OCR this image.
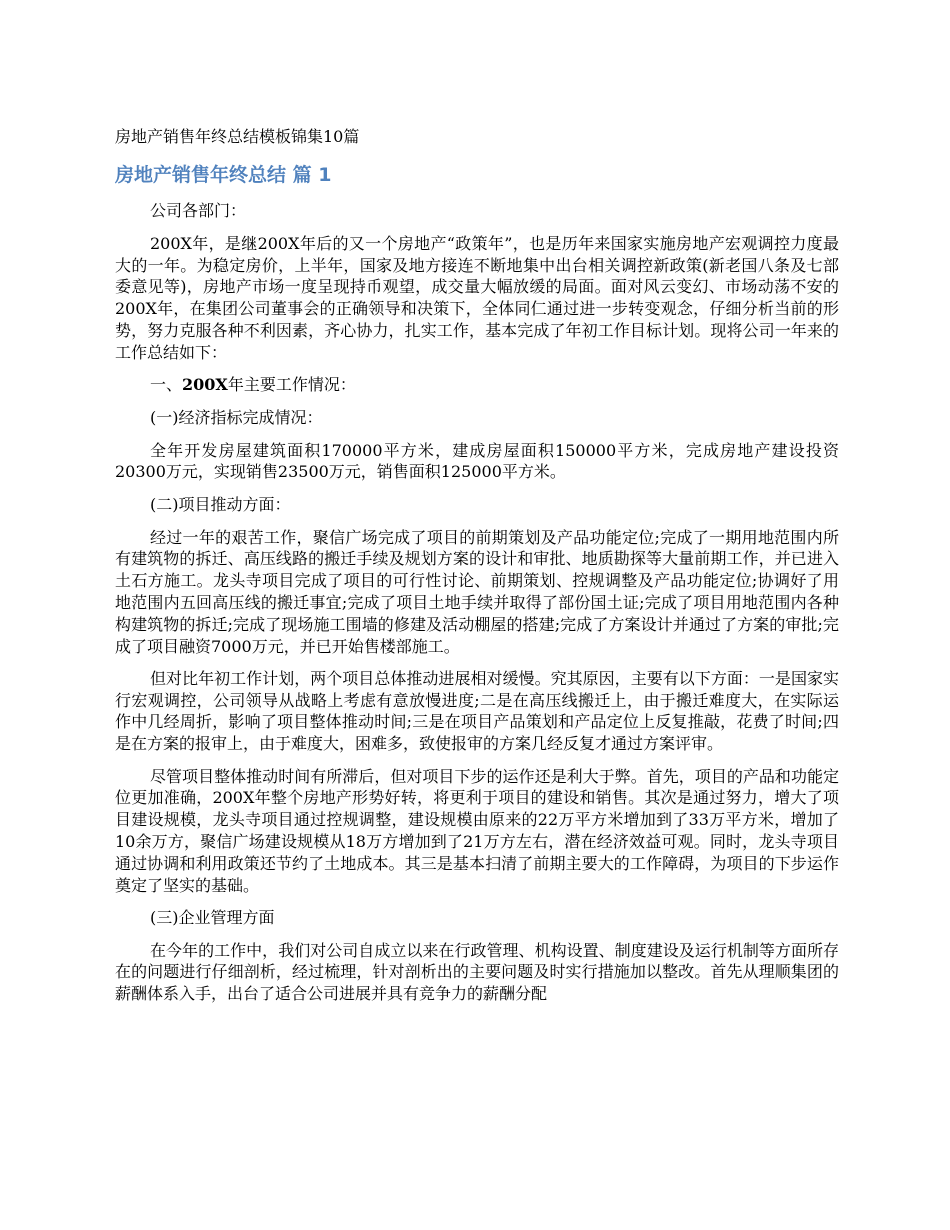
房地产销售年终总结模板锦集10篇
房地产销售年终总结 篇 1

公司各部门：

200X年，是继200X年后的又一个房地产“政策年”，也是历年来国家实施房地产宏观调控力度最大的一年。为稳定房价，上半年，国家及地方接连不断地集中出台相关调控新政策(新老国八条及七部委意见等)，房地产市场一度呈现持币观望，成交量大幅放缓的局面。面对风云变幻、市场动荡不安的200X年，在集团公司董事会的正确领导和决策下，全体同仁通过进一步转变观念，仔细分析当前的形势，努力克服各种不利因素，齐心协力，扎实工作，基本完成了年初工作目标计划。现将公司一年来的工作总结如下：

一、200X年主要工作情况：

(一)经济指标完成情况：

全年开发房屋建筑面积170000平方米，建成房屋面积150000平方米，完成房地产建设投资20300万元，实现销售23500万元，销售面积125000平方米。

(二)项目推动方面：

经过一年的艰苦工作，聚信广场完成了项目的前期策划及产品功能定位;完成了一期用地范围内所有建筑物的拆迁、高压线路的搬迁手续及规划方案的设计和审批、地质勘探等大量前期工作，并已进入土石方施工。龙头寺项目完成了项目的可行性讨论、前期策划、控规调整及产品功能定位;协调好了用地范围内五回高压线的搬迁事宜;完成了项目土地手续并取得了部份国土证;完成了项目用地范围内各种构建筑物的拆迁;完成了现场施工围墙的修建及活动棚屋的搭建;完成了方案设计并通过了方案的审批;完成了项目融资7000万元，并已开始售楼部施工。

但对比年初工作计划，两个项目总体推动进展相对缓慢。究其原因，主要有以下方面：一是国家实行宏观调控，公司领导从战略上考虑有意放慢进度;二是在高压线搬迁上，由于搬迁难度大，在实际运作中几经周折，影响了项目整体推动时间;三是在项目产品策划和产品定位上反复推敲，花费了时间;四是在方案的报审上，由于难度大，困难多，致使报审的方案几经反复才通过方案评审。

尽管项目整体推动时间有所滞后，但对项目下步的运作还是利大于弊。首先，项目的产品和功能定位更加准确，200X年整个房地产形势好转，将更利于项目的建设和销售。其次是通过努力，增大了项目建设规模，龙头寺项目通过控规调整，建设规模由原来的22万平方米增加到了33万平方米，增加了10余万方，聚信广场建设规模从18万方增加到了21万方左右，潜在经济效益可观。同时，龙头寺项目通过协调和利用政策还节约了土地成本。其三是基本扫清了前期主要大的工作障碍，为项目的下步运作奠定了坚实的基础。

(三)企业管理方面

在今年的工作中，我们对公司自成立以来在行政管理、机构设置、制度建设及运行机制等方面所存在的问题进行仔细剖析，经过梳理，针对剖析出的主要问题及时实行措施加以整改。首先从理顺集团的薪酬体系入手，出台了适合公司进展并具有竞争力的薪酬分配
